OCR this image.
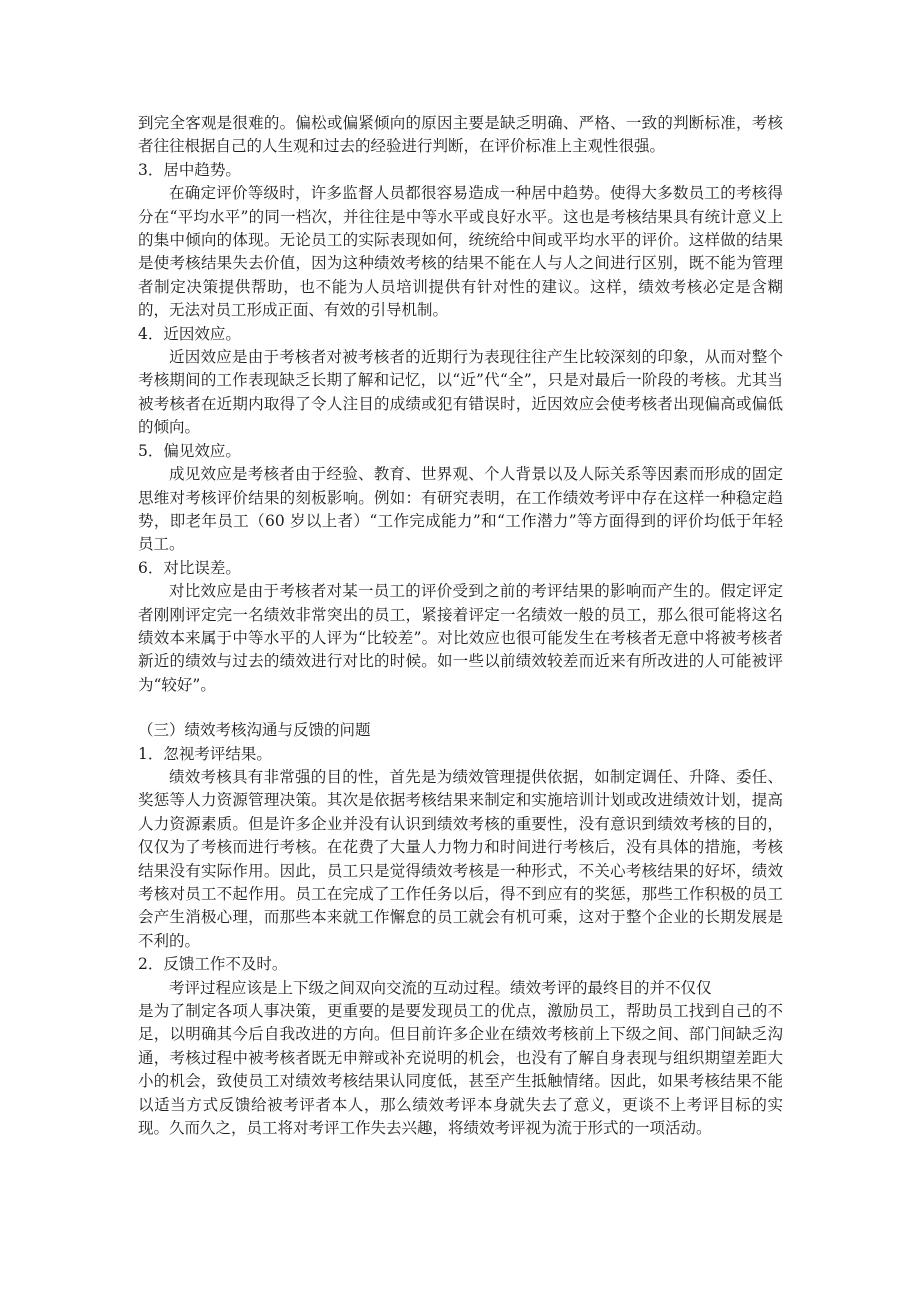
到完全客观是很难的。偏松或偏紧倾向的原因主要是缺乏明确、严格、一致的判断标准，考核者往往根据自己的人生观和过去的经验进行判断，在评价标准上主观性很强。

3．居中趋势。

在确定评价等级时，许多监督人员都很容易造成一种居中趋势。使得大多数员工的考核得分在“平均水平”的同一档次，并往往是中等水平或良好水平。这也是考核结果具有统计意义上的集中倾向的体现。无论员工的实际表现如何，统统给中间或平均水平的评价。这样做的结果是使考核结果失去价值，因为这种绩效考核的结果不能在人与人之间进行区别，既不能为管理者制定决策提供帮助，也不能为人员培训提供有针对性的建议。这样，绩效考核必定是含糊的，无法对员工形成正面、有效的引导机制。

4．近因效应。

近因效应是由于考核者对被考核者的近期行为表现往往产生比较深刻的印象，从而对整个考核期间的工作表现缺乏长期了解和记忆，以“近”代“全”，只是对最后一阶段的考核。尤其当被考核者在近期内取得了令人注目的成绩或犯有错误时，近因效应会使考核者出现偏高或偏低的倾向。

5．偏见效应。

成见效应是考核者由于经验、教育、世界观、个人背景以及人际关系等因素而形成的固定思维对考核评价结果的刻板影响。例如：有研究表明，在工作绩效考评中存在这样一种稳定趋势，即老年员工（60 岁以上者）“工作完成能力”和“工作潜力”等方面得到的评价均低于年轻员工。

6．对比误差。

对比效应是由于考核者对某一员工的评价受到之前的考评结果的影响而产生的。假定评定者刚刚评定完一名绩效非常突出的员工，紧接着评定一名绩效一般的员工，那么很可能将这名绩效本来属于中等水平的人评为“比较差”。对比效应也很可能发生在考核者无意中将被考核者新近的绩效与过去的绩效进行对比的时候。如一些以前绩效较差而近来有所改进的人可能被评为“较好”。

（三）绩效考核沟通与反馈的问题

1．忽视考评结果。

绩效考核具有非常强的目的性，首先是为绩效管理提供依据，如制定调任、升降、委任、奖惩等人力资源管理决策。其次是依据考核结果来制定和实施培训计划或改进绩效计划，提高人力资源素质。但是许多企业并没有认识到绩效考核的重要性，没有意识到绩效考核的目的，仅仅为了考核而进行考核。在花费了大量人力物力和时间进行考核后，没有具体的措施，考核结果没有实际作用。因此，员工只是觉得绩效考核是一种形式，不关心考核结果的好坏，绩效考核对员工不起作用。员工在完成了工作任务以后，得不到应有的奖惩，那些工作积极的员工会产生消极心理，而那些本来就工作懈怠的员工就会有机可乘，这对于整个企业的长期发展是不利的。

2．反馈工作不及时。

考评过程应该是上下级之间双向交流的互动过程。绩效考评的最终目的并不仅仅

是为了制定各项人事决策，更重要的是要发现员工的优点，激励员工，帮助员工找到自己的不足，以明确其今后自我改进的方向。但目前许多企业在绩效考核前上下级之间、部门间缺乏沟通，考核过程中被考核者既无申辩或补充说明的机会，也没有了解自身表现与组织期望差距大小的机会，致使员工对绩效考核结果认同度低，甚至产生抵触情绪。因此，如果考核结果不能以适当方式反馈给被考评者本人，那么绩效考评本身就失去了意义，更谈不上考评目标的实现。久而久之，员工将对考评工作失去兴趣，将绩效考评视为流于形式的一项活动。
